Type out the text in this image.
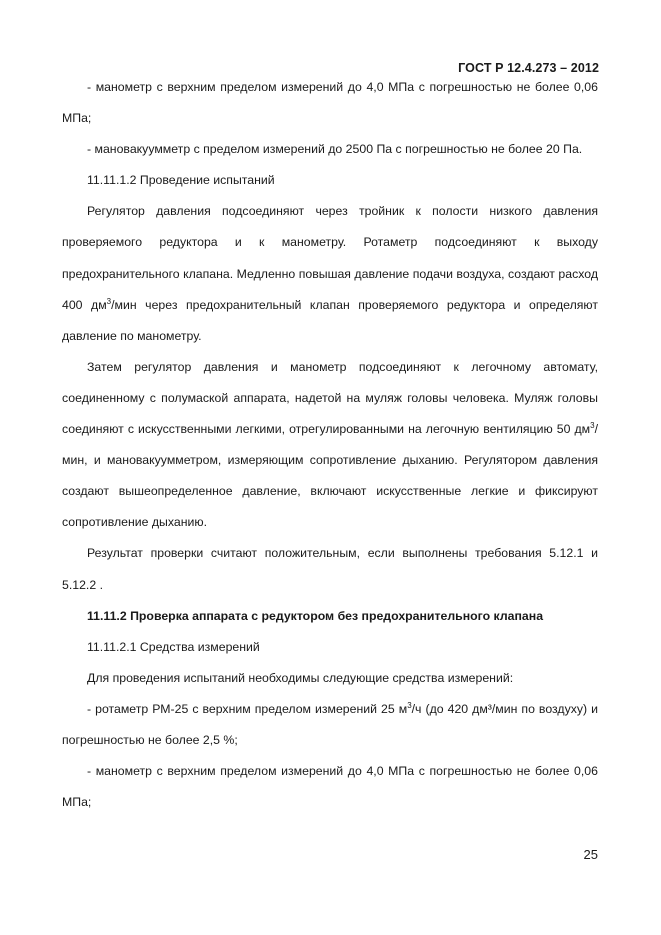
ГОСТ Р 12.4.273 – 2012

- манометр с верхним пределом измерений до 4,0 МПа с погрешностью не более 0,06 МПа;

- мановакуумметр с пределом измерений до 2500 Па с погрешностью не более 20 Па.

11.11.1.2 Проведение испытаний

Регулятор давления подсоединяют через тройник к полости низкого давления проверяемого редуктора и к манометру. Ротаметр подсоединяют к выходу предохранительного клапана. Медленно повышая давление подачи воздуха, создают расход 400 $дм^3$/мин через предохранительный клапан проверяемого редуктора и определяют давление по манометру.

Затем регулятор давления и манометр подсоединяют к легочному автомату, соединенному с полумаской аппарата, надетой на муляж головы человека. Муляж головы соединяют с искусственными легкими, отрегулированными на легочную вентиляцию 50 $дм^3$/мин, и мановакуумметром, измеряющим сопротивление дыханию. Регулятором давления создают вышеопределенное давление, включают искусственные легкие и фиксируют сопротивление дыханию.

Результат проверки считают положительным, если выполнены требования 5.12.1 и 5.12.2 .

11.11.2 Проверка аппарата с редуктором без предохранительного клапана

11.11.2.1 Средства измерений

Для проведения испытаний необходимы следующие средства измерений:

- ротаметр РМ-25 с верхним пределом измерений 25 $м^3/ч$ (до 420 дм³/мин по воздуху) и погрешностью не более 2,5 %;

- манометр с верхним пределом измерений до 4,0 МПа с погрешностью не более 0,06 МПа;

25
